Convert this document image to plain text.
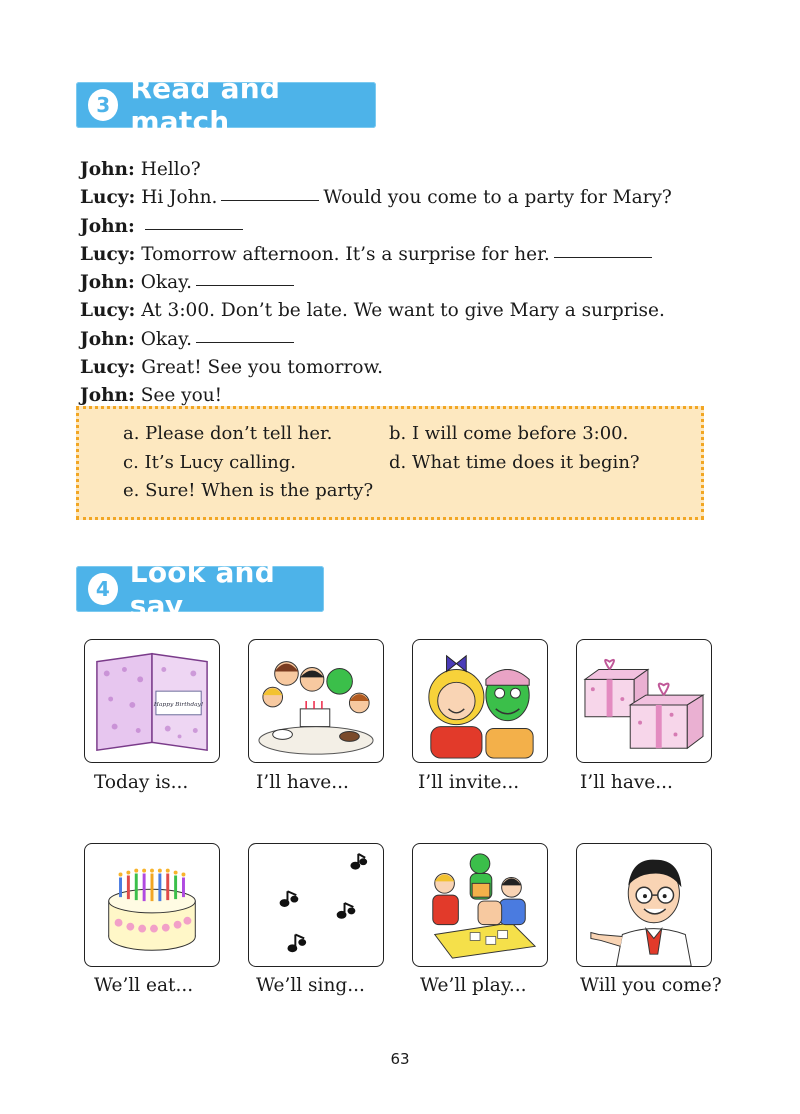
3 Read and match
John: Hello?
Lucy: Hi John.	Would you come to a party for Mary?
John:
Lucy: Tomorrow afternoon. It’s a surprise for her.
John: Okay.
Lucy: At 3:00. Don’t be late. We want to give Mary a surprise.
John: Okay.
Lucy: Great! See you tomorrow.
John: See you!
a. Please don’t tell her.	b. I will come before 3:00.
c. It’s Lucy calling.	d. What time does it begin?
e. Sure! When is the party?
4 Look and say
Happy Birthday!
Today is...	I’ll have...	I’ll invite...	I’ll have...
We’ll eat...	We’ll sing...	We’ll play...	Will you come?
63
